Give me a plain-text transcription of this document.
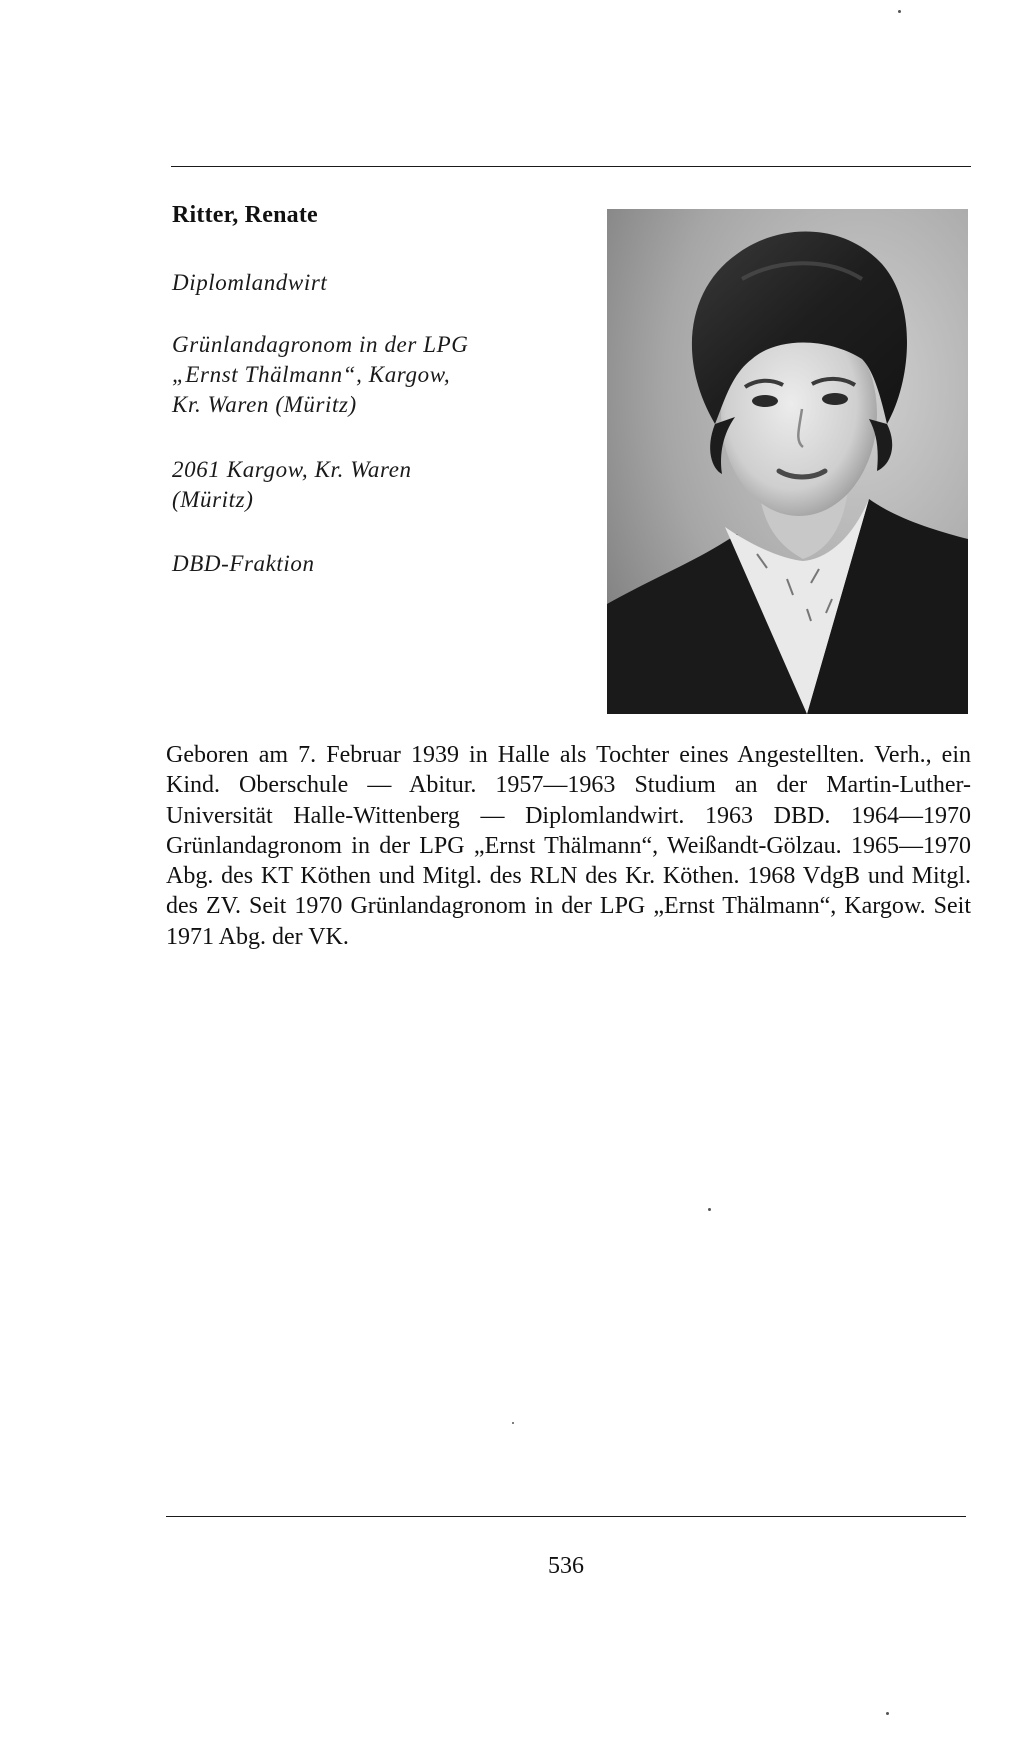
Ritter, Renate
Diplomlandwirt
Grünlandagronom in der LPG
„Ernst Thälmann“, Kargow,
Kr. Waren (Müritz)
2061 Kargow, Kr. Waren
(Müritz)
DBD-Fraktion
Geboren am 7. Februar 1939 in Halle als Tochter eines Angestellten. Verh., ein Kind. Oberschule — Abitur. 1957—1963 Studium an der Martin-Luther-Universität Halle-Wittenberg — Diplomlandwirt. 1963 DBD. 1964—1970 Grünlandagronom in der LPG „Ernst Thälmann“, Weißandt-Gölzau. 1965—1970 Abg. des KT Köthen und Mitgl. des RLN des Kr. Köthen. 1968 VdgB und Mitgl. des ZV. Seit 1970 Grünlandagronom in der LPG „Ernst Thälmann“, Kargow. Seit 1971 Abg. der VK.
536
